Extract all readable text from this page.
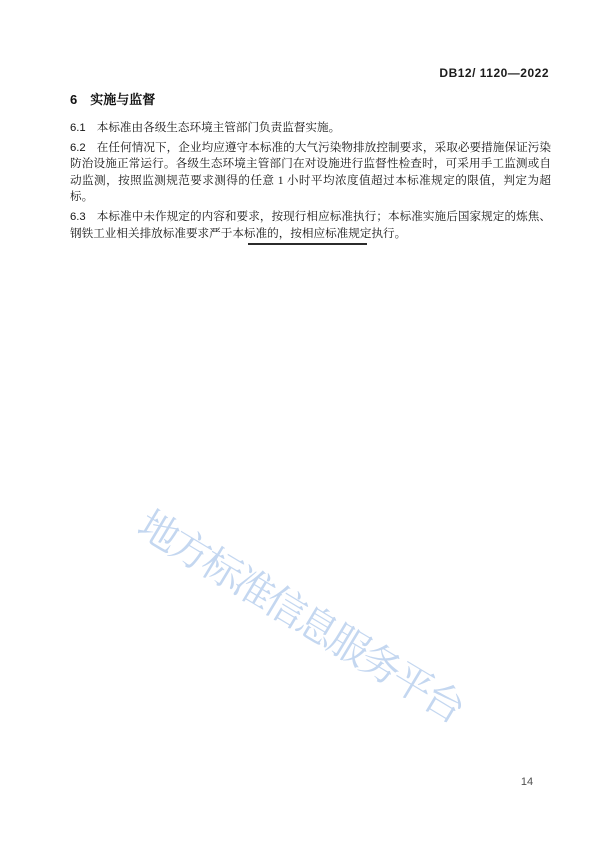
DB12/ 1120—2022
6 实施与监督

6.1 本标准由各级生态环境主管部门负责监督实施。

6.2 在任何情况下，企业均应遵守本标准的大气污染物排放控制要求，采取必要措施保证污染防治设施正常运行。各级生态环境主管部门在对设施进行监督性检查时，可采用手工监测或自动监测，按照监测规范要求测得的任意 1 小时平均浓度值超过本标准规定的限值，判定为超标。

6.3 本标准中未作规定的内容和要求，按现行相应标准执行；本标准实施后国家规定的炼焦、钢铁工业相关排放标准要求严于本标准的，按相应标准规定执行。

地方标准信息服务平台
14
